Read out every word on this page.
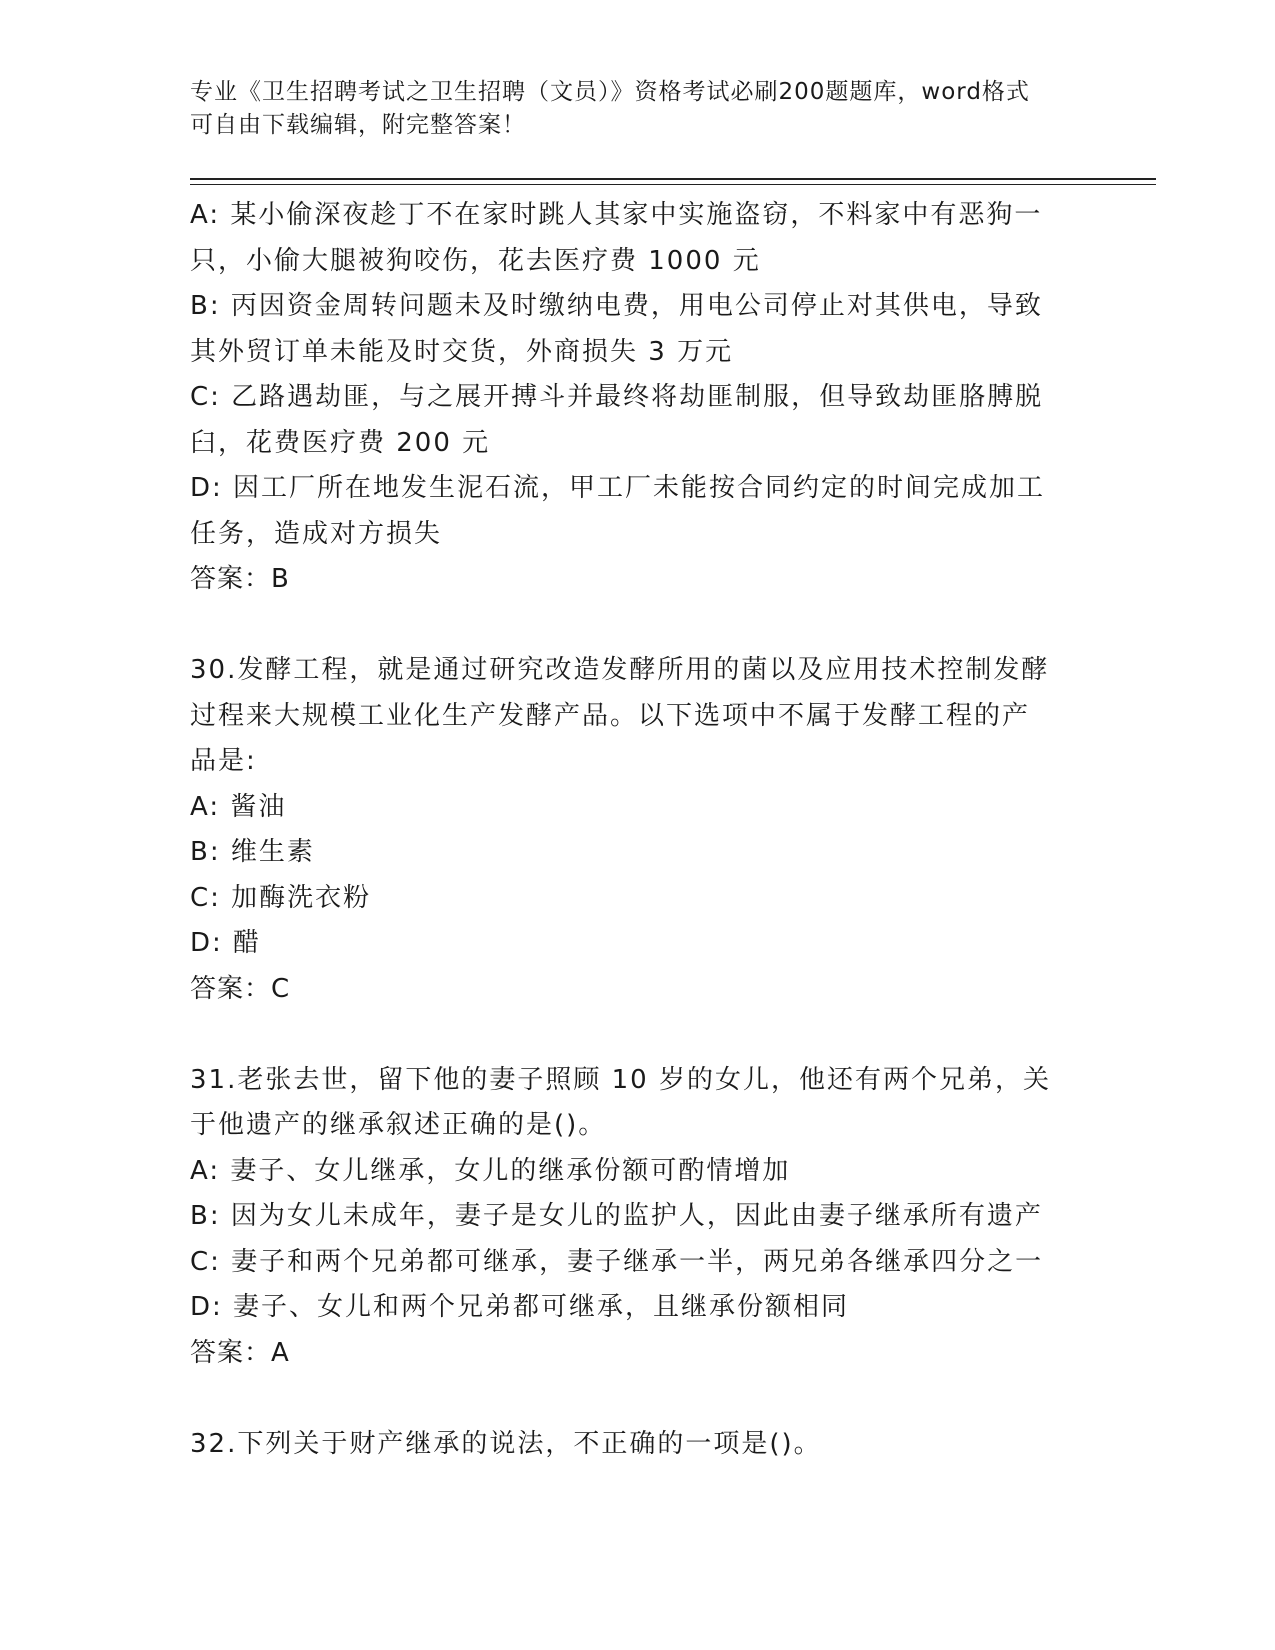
专业《卫生招聘考试之卫生招聘（文员）》资格考试必刷200题题库，word格式
可自由下载编辑，附完整答案！
A: 某小偷深夜趁丁不在家时跳人其家中实施盗窃，不料家中有恶狗一
只，小偷大腿被狗咬伤，花去医疗费 1000 元
B: 丙因资金周转问题未及时缴纳电费，用电公司停止对其供电，导致
其外贸订单未能及时交货，外商损失 3 万元
C: 乙路遇劫匪，与之展开搏斗并最终将劫匪制服，但导致劫匪胳膊脱
臼，花费医疗费 200 元
D: 因工厂所在地发生泥石流，甲工厂未能按合同约定的时间完成加工
任务，造成对方损失
答案：B
30.发酵工程，就是通过研究改造发酵所用的菌以及应用技术控制发酵
过程来大规模工业化生产发酵产品。以下选项中不属于发酵工程的产
品是:
A: 酱油
B: 维生素
C: 加酶洗衣粉
D: 醋
答案：C
31.老张去世，留下他的妻子照顾 10 岁的女儿，他还有两个兄弟，关
于他遗产的继承叙述正确的是()。
A: 妻子、女儿继承，女儿的继承份额可酌情增加
B: 因为女儿未成年，妻子是女儿的监护人，因此由妻子继承所有遗产
C: 妻子和两个兄弟都可继承，妻子继承一半，两兄弟各继承四分之一
D: 妻子、女儿和两个兄弟都可继承，且继承份额相同
答案：A
32.下列关于财产继承的说法，不正确的一项是()。
